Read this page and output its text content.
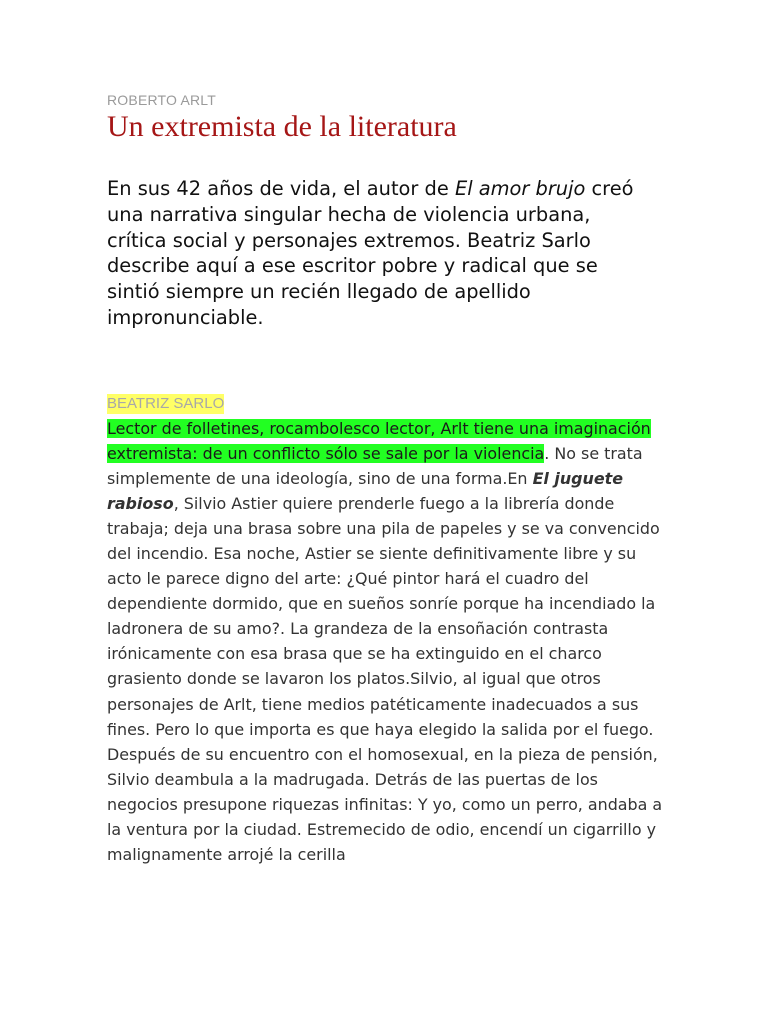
ROBERTO ARLT
Un extremista de la literatura

En sus 42 años de vida, el autor de El amor brujo creó una narrativa singular hecha de violencia urbana, crítica social y personajes extremos. Beatriz Sarlo describe aquí a ese escritor pobre y radical que se sintió siempre un recién llegado de apellido impronunciable.

BEATRIZ SARLO

Lector de folletines, rocambolesco lector, Arlt tiene una imaginación extremista: de un conflicto sólo se sale por la violencia. No se trata simplemente de una ideología, sino de una forma.En El juguete rabioso, Silvio Astier quiere prenderle fuego a la librería donde trabaja; deja una brasa sobre una pila de papeles y se va convencido del incendio. Esa noche, Astier se siente definitivamente libre y su acto le parece digno del arte: ¿Qué pintor hará el cuadro del dependiente dormido, que en sueños sonríe porque ha incendiado la ladronera de su amo?. La grandeza de la ensoñación contrasta irónicamente con esa brasa que se ha extinguido en el charco grasiento donde se lavaron los platos.Silvio, al igual que otros personajes de Arlt, tiene medios patéticamente inadecuados a sus fines. Pero lo que importa es que haya elegido la salida por el fuego. Después de su encuentro con el homosexual, en la pieza de pensión, Silvio deambula a la madrugada. Detrás de las puertas de los negocios presupone riquezas infinitas: Y yo, como un perro, andaba a la ventura por la ciudad. Estremecido de odio, encendí un cigarrillo y malignamente arrojé la cerilla
